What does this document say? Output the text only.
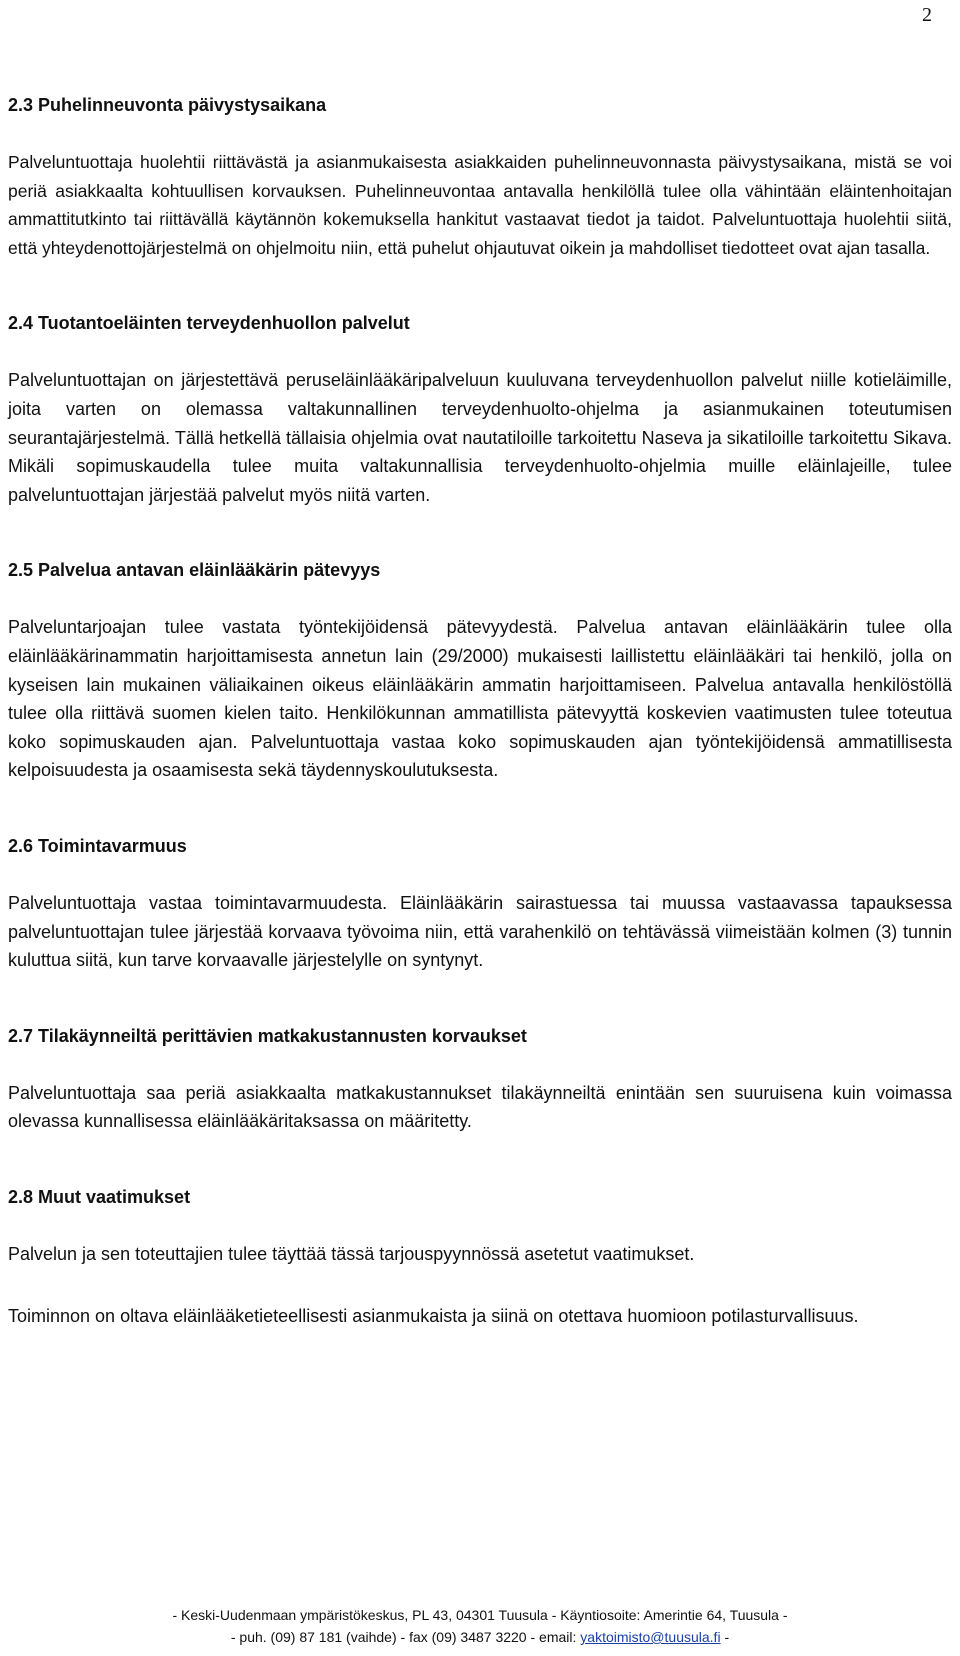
2
2.3 Puhelinneuvonta päivystysaikana

Palveluntuottaja huolehtii riittävästä ja asianmukaisesta asiakkaiden puhelinneuvonnasta päivystysaikana, mistä se voi periä asiakkaalta kohtuullisen korvauksen. Puhelinneuvontaa antavalla henkilöllä tulee olla vähintään eläintenhoitajan ammattitutkinto tai riittävällä käytännön kokemuksella hankitut vastaavat tiedot ja taidot. Palveluntuottaja huolehtii siitä, että yhteydenottojärjestelmä on ohjelmoitu niin, että puhelut ohjautuvat oikein ja mahdolliset tiedotteet ovat ajan tasalla.

2.4 Tuotantoeläinten terveydenhuollon palvelut

Palveluntuottajan on järjestettävä peruseläinlääkäripalveluun kuuluvana terveydenhuollon palvelut niille kotieläimille, joita varten on olemassa valtakunnallinen terveydenhuolto-ohjelma ja asianmukainen toteutumisen seurantajärjestelmä. Tällä hetkellä tällaisia ohjelmia ovat nautatiloille tarkoitettu Naseva ja sikatiloille tarkoitettu Sikava. Mikäli sopimuskaudella tulee muita valtakunnallisia terveydenhuolto-ohjelmia muille eläinlajeille, tulee palveluntuottajan järjestää palvelut myös niitä varten.

2.5 Palvelua antavan eläinlääkärin pätevyys

Palveluntarjoajan tulee vastata työntekijöidensä pätevyydestä. Palvelua antavan eläinlääkärin tulee olla eläinlääkärinammatin harjoittamisesta annetun lain (29/2000) mukaisesti laillistettu eläinlääkäri tai henkilö, jolla on kyseisen lain mukainen väliaikainen oikeus eläinlääkärin ammatin harjoittamiseen. Palvelua antavalla henkilöstöllä tulee olla riittävä suomen kielen taito. Henkilökunnan ammatillista pätevyyttä koskevien vaatimusten tulee toteutua koko sopimuskauden ajan. Palveluntuottaja vastaa koko sopimuskauden ajan työntekijöidensä ammatillisesta kelpoisuudesta ja osaamisesta sekä täydennyskoulutuksesta.

2.6 Toimintavarmuus

Palveluntuottaja vastaa toimintavarmuudesta. Eläinlääkärin sairastuessa tai muussa vastaavassa tapauksessa palveluntuottajan tulee järjestää korvaava työvoima niin, että varahenkilö on tehtävässä viimeistään kolmen (3) tunnin kuluttua siitä, kun tarve korvaavalle järjestelylle on syntynyt.

2.7 Tilakäynneiltä perittävien matkakustannusten korvaukset

Palveluntuottaja saa periä asiakkaalta matkakustannukset tilakäynneiltä enintään sen suuruisena kuin voimassa olevassa kunnallisessa eläinlääkäritaksassa on määritetty.

2.8 Muut vaatimukset

Palvelun ja sen toteuttajien tulee täyttää tässä tarjouspyynnössä asetetut vaatimukset.

Toiminnon on oltava eläinlääketieteellisesti asianmukaista ja siinä on otettava huomioon potilasturvallisuus.

- Keski-Uudenmaan ympäristökeskus, PL 43, 04301 Tuusula - Käyntiosoite: Amerintie 64, Tuusula -
- puh. (09) 87 181 (vaihde) - fax (09) 3487 3220 - email: yaktoimisto@tuusula.fi -
